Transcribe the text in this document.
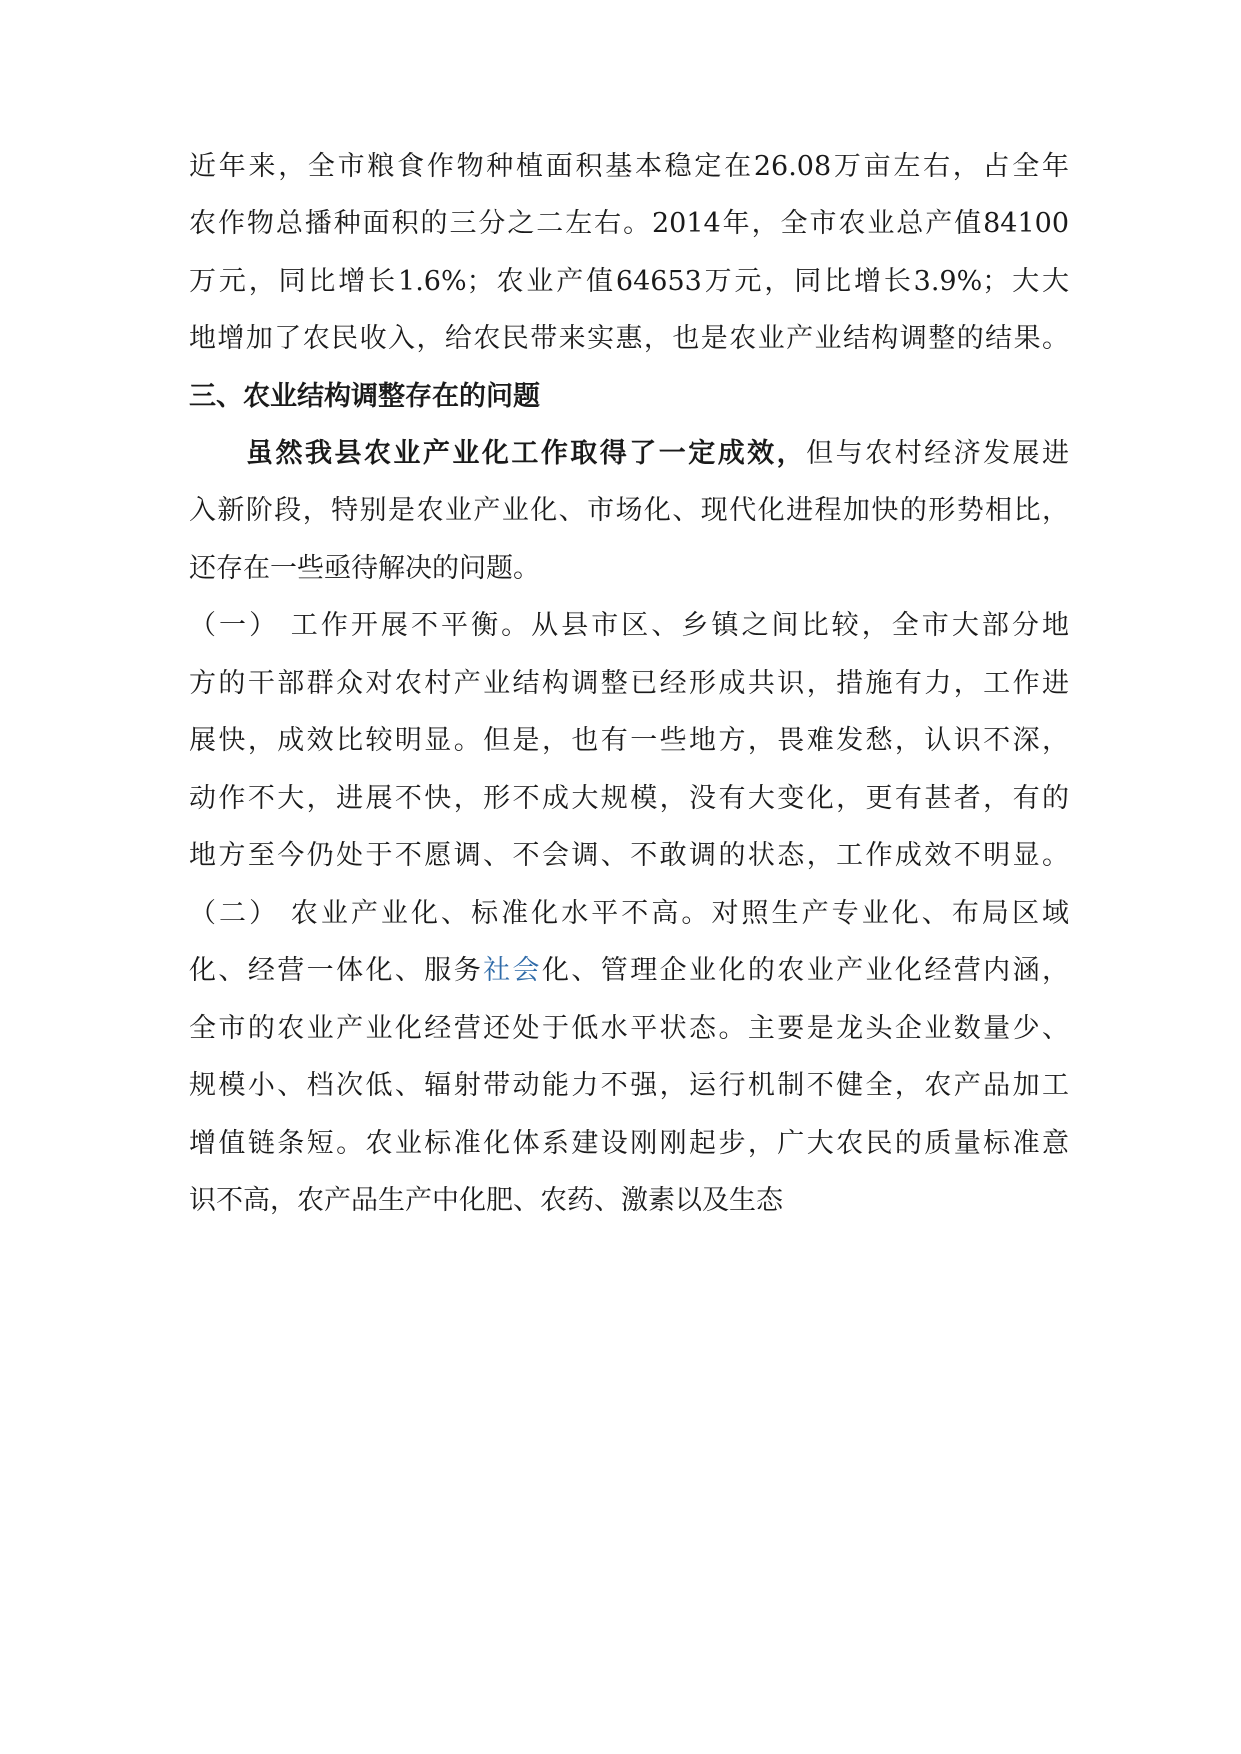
近年来，全市粮食作物种植面积基本稳定在26.08万亩左右，占全年
农作物总播种面积的三分之二左右。2014年，全市农业总产值84100
万元，同比增长1.6%；农业产值64653万元，同比增长3.9%；大大
地增加了农民收入，给农民带来实惠，也是农业产业结构调整的结果。
三、农业结构调整存在的问题
虽然我县农业产业化工作取得了一定成效，但与农村经济发展进
入新阶段，特别是农业产业化、市场化、现代化进程加快的形势相比，
还存在一些亟待解决的问题。
（一） 工作开展不平衡。从县市区、乡镇之间比较，全市大部分地
方的干部群众对农村产业结构调整已经形成共识，措施有力，工作进
展快，成效比较明显。但是，也有一些地方，畏难发愁，认识不深，
动作不大，进展不快，形不成大规模，没有大变化，更有甚者，有的
地方至今仍处于不愿调、不会调、不敢调的状态，工作成效不明显。
（二） 农业产业化、标准化水平不高。对照生产专业化、布局区域
化、经营一体化、服务社会化、管理企业化的农业产业化经营内涵，
全市的农业产业化经营还处于低水平状态。主要是龙头企业数量少、
规模小、档次低、辐射带动能力不强，运行机制不健全，农产品加工
增值链条短。农业标准化体系建设刚刚起步，广大农民的质量标准意
识不高，农产品生产中化肥、农药、激素以及生态
